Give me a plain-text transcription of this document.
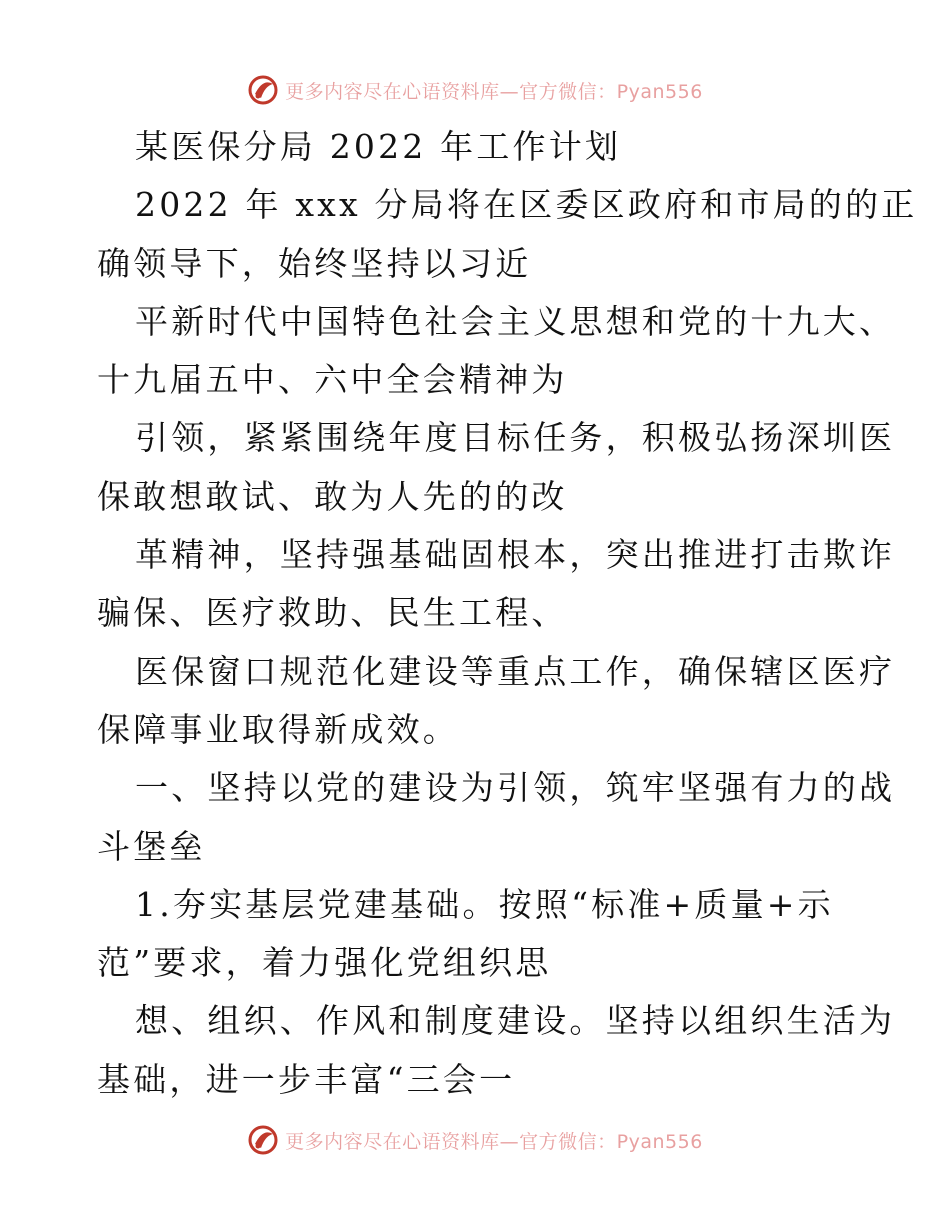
更多内容尽在心语资料库—官方微信：Pyan556
某医保分局 2022 年工作计划
2022 年 xxx 分局将在区委区政府和市局的的正
确领导下，始终坚持以习近
平新时代中国特色社会主义思想和党的十九大、
十九届五中、六中全会精神为
引领，紧紧围绕年度目标任务，积极弘扬深圳医
保敢想敢试、敢为人先的的改
革精神，坚持强基础固根本，突出推进打击欺诈
骗保、医疗救助、民生工程、
医保窗口规范化建设等重点工作，确保辖区医疗
保障事业取得新成效。
一、坚持以党的建设为引领，筑牢坚强有力的战
斗堡垒
1.夯实基层党建基础。按照“标准+质量+示
范”要求，着力强化党组织思
想、组织、作风和制度建设。坚持以组织生活为
基础，进一步丰富“三会一
更多内容尽在心语资料库—官方微信：Pyan556
